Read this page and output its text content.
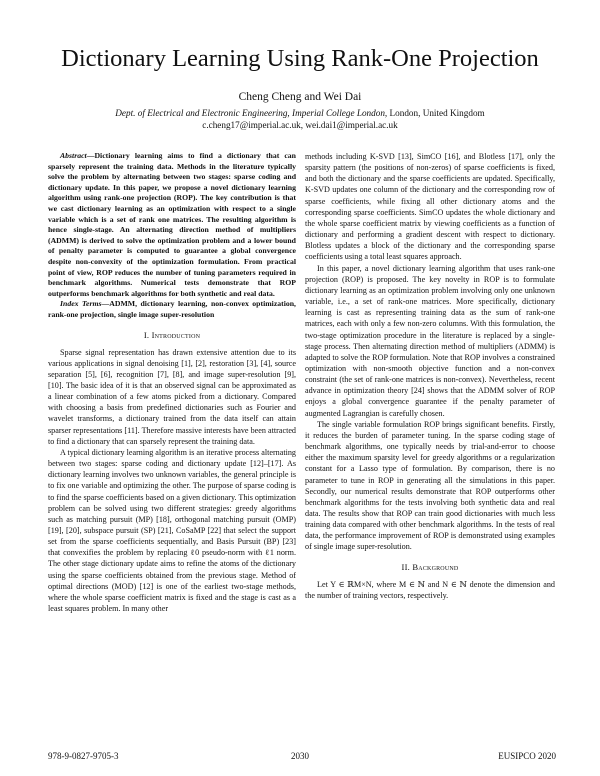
Dictionary Learning Using Rank-One Projection
Cheng Cheng and Wei Dai
Dept. of Electrical and Electronic Engineering, Imperial College London, London, United Kingdom
c.cheng17@imperial.ac.uk, wei.dai1@imperial.ac.uk

Abstract—Dictionary learning aims to find a dictionary that can sparsely represent the training data. Methods in the literature typically solve the problem by alternating between two stages: sparse coding and dictionary update. In this paper, we propose a novel dictionary learning algorithm using rank-one projection (ROP). The key contribution is that we cast dictionary learning as an optimization with respect to a single variable which is a set of rank one matrices. The resulting algorithm is hence single-stage. An alternating direction method of multipliers (ADMM) is derived to solve the optimization problem and a lower bound of penalty parameter is computed to guarantee a global convergence despite non-convexity of the optimization formulation. From practical point of view, ROP reduces the number of tuning parameters required in benchmark algorithms. Numerical tests demonstrate that ROP outperforms benchmark algorithms for both synthetic and real data.

Index Terms—ADMM, dictionary learning, non-convex optimization, rank-one projection, single image super-resolution

I. Introduction

Sparse signal representation has drawn extensive attention due to its various applications in signal denoising [1], [2], restoration [3], [4], source separation [5], [6], recognition [7], [8], and image super-resolution [9], [10]. The basic idea of it is that an observed signal can be approximated as a linear combination of a few atoms picked from a dictionary. Compared with choosing a basis from predefined dictionaries such as Fourier and wavelet transforms, a dictionary trained from the data itself can attain sparser representations [11]. Therefore massive interests have been attracted to find a dictionary that can sparsely represent the training data.

A typical dictionary learning algorithm is an iterative process alternating between two stages: sparse coding and dictionary update [12]–[17]. As dictionary learning involves two unknown variables, the general principle is to fix one variable and optimizing the other. The purpose of sparse coding is to find the sparse coefficients based on a given dictionary. This optimization problem can be solved using two different strategies: greedy algorithms such as matching pursuit (MP) [18], orthogonal matching pursuit (OMP) [19], [20], subspace pursuit (SP) [21], CoSaMP [22] that select the support set from the sparse coefficients sequentially, and Basis Pursuit (BP) [23] that convexifies the problem by replacing ℓ0 pseudo-norm with ℓ1 norm. The other stage dictionary update aims to refine the atoms of the dictionary using the sparse coefficients obtained from the previous stage. Method of optimal directions (MOD) [12] is one of the earliest two-stage methods, where the whole sparse coefficient matrix is fixed and the stage is cast as a least squares problem. In many other

methods including K-SVD [13], SimCO [16], and Blotless [17], only the sparsity pattern (the positions of non-zeros) of sparse coefficients is fixed, and both the dictionary and the sparse coefficients are updated. Specifically, K-SVD updates one column of the dictionary and the corresponding row of sparse coefficients, while fixing all other dictionary atoms and the corresponding sparse coefficients. SimCO updates the whole dictionary and the whole sparse coefficient matrix by viewing coefficients as a function of dictionary and performing a gradient descent with respect to dictionary. Blotless updates a block of the dictionary and the corresponding sparse coefficients using a total least squares approach.

In this paper, a novel dictionary learning algorithm that uses rank-one projection (ROP) is proposed. The key novelty in ROP is to formulate dictionary learning as an optimization problem involving only one unknown variable, i.e., a set of rank-one matrices. More specifically, dictionary learning is cast as representing training data as the sum of rank-one matrices, each with only a few non-zero columns. With this formulation, the two-stage optimization procedure in the literature is replaced by a single-stage process. Then alternating direction method of multipliers (ADMM) is adapted to solve the ROP formulation. Note that ROP involves a constrained optimization with non-smooth objective function and a non-convex constraint (the set of rank-one matrices is non-convex). Nevertheless, recent advance in optimization theory [24] shows that the ADMM solver of ROP enjoys a global convergence guarantee if the penalty parameter of augmented Lagrangian is carefully chosen.

The single variable formulation ROP brings significant benefits. Firstly, it reduces the burden of parameter tuning. In the sparse coding stage of benchmark algorithms, one typically needs by trial-and-error to choose either the maximum sparsity level for greedy algorithms or a regularization constant for a Lasso type of formulation. By comparison, there is no parameter to tune in ROP in generating all the simulations in this paper. Secondly, our numerical results demonstrate that ROP outperforms other benchmark algorithms for the tests involving both synthetic data and real data. The results show that ROP can train good dictionaries with much less training data compared with other benchmark algorithms. In the tests of real data, the performance improvement of ROP is demonstrated using examples of single image super-resolution.

II. Background

Let Y ∈ ℝM×N, where M ∈ ℕ and N ∈ ℕ denote the dimension and the number of training vectors, respectively.

978-9-0827-9705-3	2030	EUSIPCO 2020
